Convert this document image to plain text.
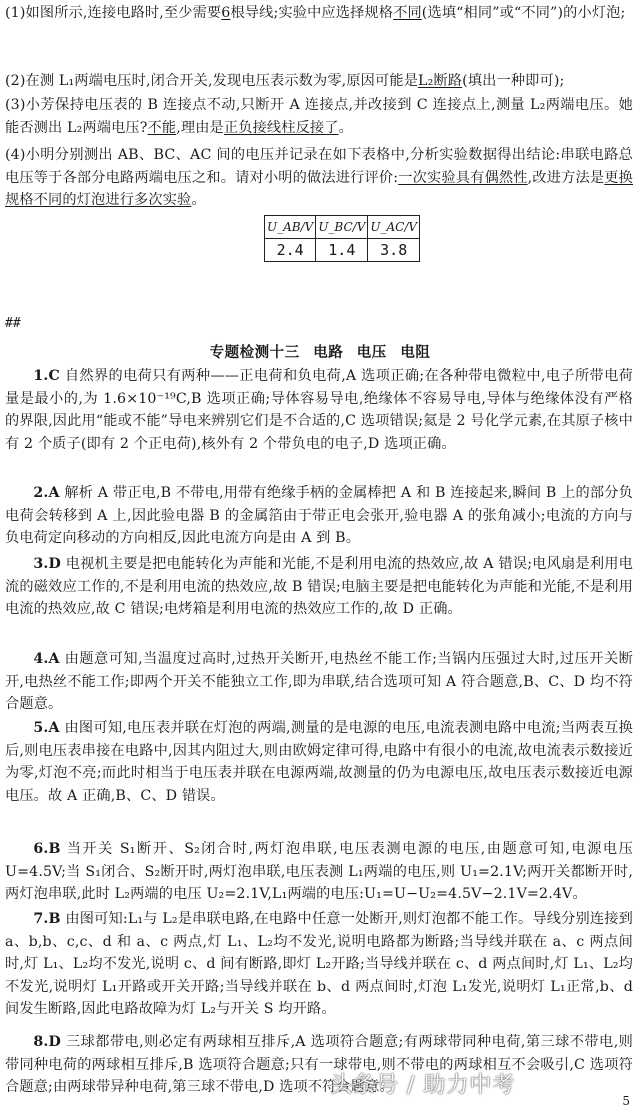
(1)如图所示,连接电路时,至少需要6根导线;实验中应选择规格不同(选填“相同”或“不同”)的小灯泡;

(2)在测 L₁两端电压时,闭合开关,发现电压表示数为零,原因可能是L₂断路(填出一种即可);

(3)小芳保持电压表的 B 连接点不动,只断开 A 连接点,并改接到 C 连接点上,测量 L₂两端电压。她能否测出 L₂两端电压?不能,理由是正负接线柱反接了。

(4)小明分别测出 AB、BC、AC 间的电压并记录在如下表格中,分析实验数据得出结论:串联电路总电压等于各部分电路两端电压之和。请对小明的做法进行评价:一次实验具有偶然性,改进方法是更换规格不同的灯泡进行多次实验。

U_AB/V	U_BC/V	U_AC/V
2.4	1.4	3.8
##
专题检测十三 电路 电压 电阻

1.C 自然界的电荷只有两种——正电荷和负电荷,A 选项正确;在各种带电微粒中,电子所带电荷量是最小的,为 1.6×10⁻¹⁹C,B 选项正确;导体容易导电,绝缘体不容易导电,导体与绝缘体没有严格的界限,因此用“能或不能”导电来辨别它们是不合适的,C 选项错误;氦是 2 号化学元素,在其原子核中有 2 个质子(即有 2 个正电荷),核外有 2 个带负电的电子,D 选项正确。

2.A 解析 A 带正电,B 不带电,用带有绝缘手柄的金属棒把 A 和 B 连接起来,瞬间 B 上的部分负电荷会转移到 A 上,因此验电器 B 的金属箔由于带正电会张开,验电器 A 的张角减小;电流的方向与负电荷定向移动的方向相反,因此电流方向是由 A 到 B。

3.D 电视机主要是把电能转化为声能和光能,不是利用电流的热效应,故 A 错误;电风扇是利用电流的磁效应工作的,不是利用电流的热效应,故 B 错误;电脑主要是把电能转化为声能和光能,不是利用电流的热效应,故 C 错误;电烤箱是利用电流的热效应工作的,故 D 正确。

4.A 由题意可知,当温度过高时,过热开关断开,电热丝不能工作;当锅内压强过大时,过压开关断开,电热丝不能工作;即两个开关不能独立工作,即为串联,结合选项可知 A 符合题意,B、C、D 均不符合题意。

5.A 由图可知,电压表并联在灯泡的两端,测量的是电源的电压,电流表测电路中电流;当两表互换后,则电压表串接在电路中,因其内阻过大,则由欧姆定律可得,电路中有很小的电流,故电流表示数接近为零,灯泡不亮;而此时相当于电压表并联在电源两端,故测量的仍为电源电压,故电压表示数接近电源电压。故 A 正确,B、C、D 错误。

6.B 当开关 S₁断开、S₂闭合时,两灯泡串联,电压表测电源的电压,由题意可知,电源电压 U=4.5V;当 S₁闭合、S₂断开时,两灯泡串联,电压表测 L₁两端的电压,则 U₁=2.1V;两开关都断开时,两灯泡串联,此时 L₂两端的电压 U₂=2.1V,L₁两端的电压:U₁=U−U₂=4.5V−2.1V=2.4V。

7.B 由图可知:L₁与 L₂是串联电路,在电路中任意一处断开,则灯泡都不能工作。导线分别连接到 a、b,b、c,c、d 和 a、c 两点,灯 L₁、L₂均不发光,说明电路都为断路;当导线并联在 a、c 两点间时,灯 L₁、L₂均不发光,说明 c、d 间有断路,即灯 L₂开路;当导线并联在 c、d 两点间时,灯 L₁、L₂均不发光,说明灯 L₁开路或开关开路;当导线并联在 b、d 两点间时,灯泡 L₁发光,说明灯 L₁正常,b、d 间发生断路,因此电路故障为灯 L₂与开关 S 均开路。

8.D 三球都带电,则必定有两球相互排斥,A 选项符合题意;有两球带同种电荷,第三球不带电,则带同种电荷的两球相互排斥,B 选项符合题意;只有一球带电,则不带电的两球相互不会吸引,C 选项符合题意;由两球带异种电荷,第三球不带电,D 选项不符合题意。

头条号 / 助力中考
5
